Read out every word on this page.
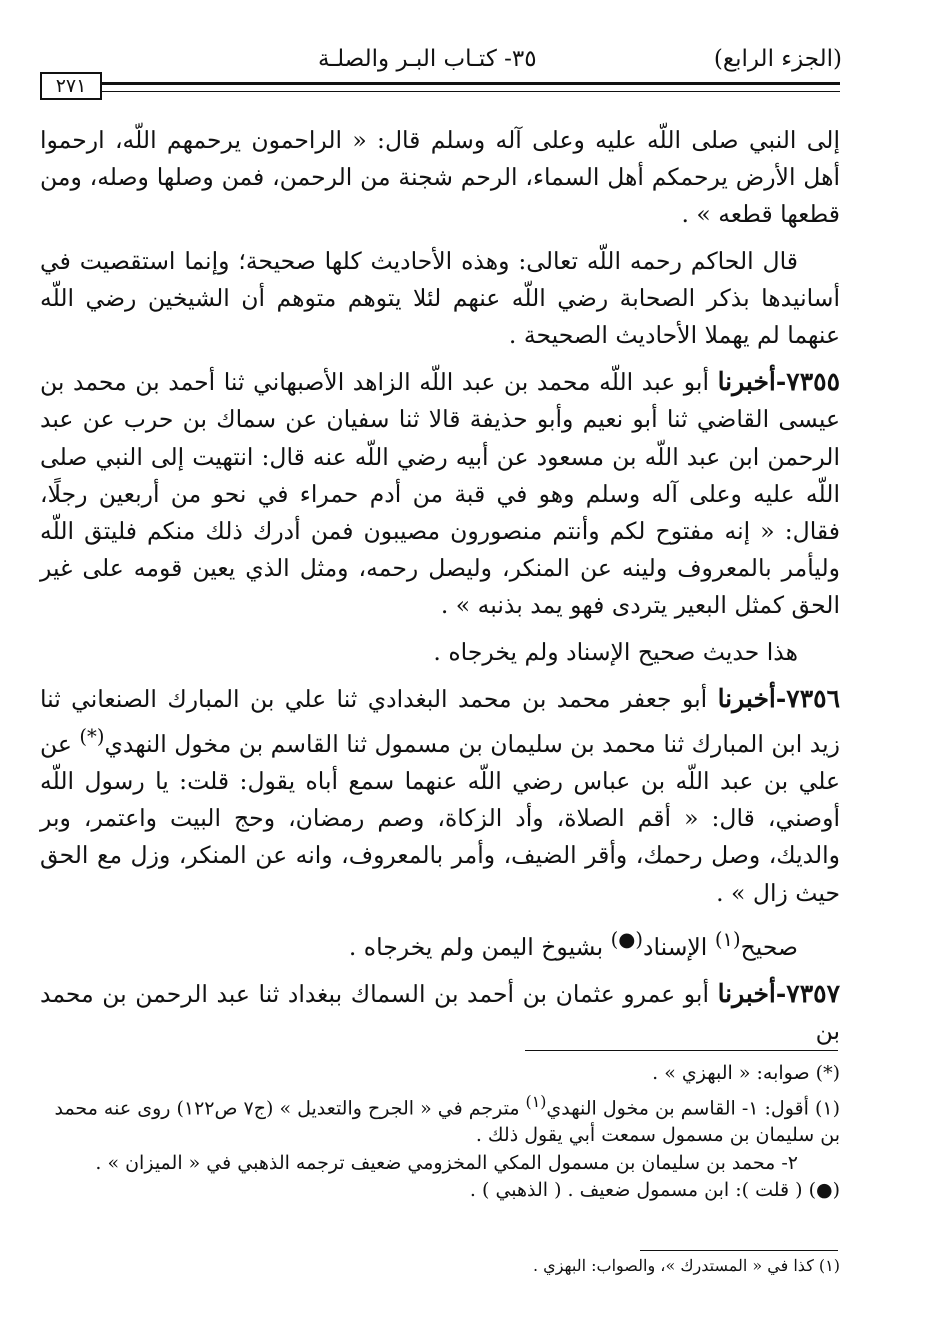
(الجزء الرابع)
٣٥- كتـاب البـر والصلـة
٢٧١

إلى النبي صلى اللّه عليه وعلى آله وسلم قال: « الراحمون يرحمهم اللّه، ارحموا أهل الأرض يرحمكم أهل السماء، الرحم شجنة من الرحمن، فمن وصلها وصله، ومن قطعها قطعه » .

قال الحاكم رحمه اللّه تعالى: وهذه الأحاديث كلها صحيحة؛ وإنما استقصيت في أسانيدها بذكر الصحابة رضي اللّه عنهم لئلا يتوهم متوهم أن الشيخين رضي اللّه عنهما لم يهملا الأحاديث الصحيحة .

٧٣٥٥-أخبرنا أبو عبد اللّه محمد بن عبد اللّه الزاهد الأصبهاني ثنا أحمد بن محمد بن عيسى القاضي ثنا أبو نعيم وأبو حذيفة قالا ثنا سفيان عن سماك بن حرب عن عبد الرحمن ابن عبد اللّه بن مسعود عن أبيه رضي اللّه عنه قال: انتهيت إلى النبي صلى اللّه عليه وعلى آله وسلم وهو في قبة من أدم حمراء في نحو من أربعين رجلًا، فقال: « إنه مفتوح لكم وأنتم منصورون مصيبون فمن أدرك ذلك منكم فليتق اللّه وليأمر بالمعروف ولينه عن المنكر، وليصل رحمه، ومثل الذي يعين قومه على غير الحق كمثل البعير يتردى فهو يمد بذنبه » .

هذا حديث صحيح الإسناد ولم يخرجاه .

٧٣٥٦-أخبرنا أبو جعفر محمد بن محمد البغدادي ثنا علي بن المبارك الصنعاني ثنا زيد ابن المبارك ثنا محمد بن سليمان بن مسمول ثنا القاسم بن مخول النهدي(*) عن علي بن عبد اللّه بن عباس رضي اللّه عنهما سمع أباه يقول: قلت: يا رسول اللّه أوصني، قال: « أقم الصلاة، وأد الزكاة، وصم رمضان، وحج البيت واعتمر، وبر والديك، وصل رحمك، وأقر الضيف، وأمر بالمعروف، وانه عن المنكر، وزل مع الحق حيث زال » .

صحيح$^{(١)}$ الإسناد(●) بشيوخ اليمن ولم يخرجاه .

٧٣٥٧-أخبرنا أبو عمرو عثمان بن أحمد بن السماك ببغداد ثنا عبد الرحمن بن محمد بن

(*) صوابه: « البهزي » .

(١) أقول: ١- القاسم بن مخول النهدي$^{(١)}$ مترجم في « الجرح والتعديل » (ج٧ ص١٢٢) روى عنه محمد بن سليمان بن مسمول سمعت أبي يقول ذلك .

٢- محمد بن سليمان بن مسمول المكي المخزومي ضعيف ترجمه الذهبي في « الميزان » .

(●) ( قلت ): ابن مسمول ضعيف . ( الذهبي ) .

(١) كذا في « المستدرك »، والصواب: البهزي .
